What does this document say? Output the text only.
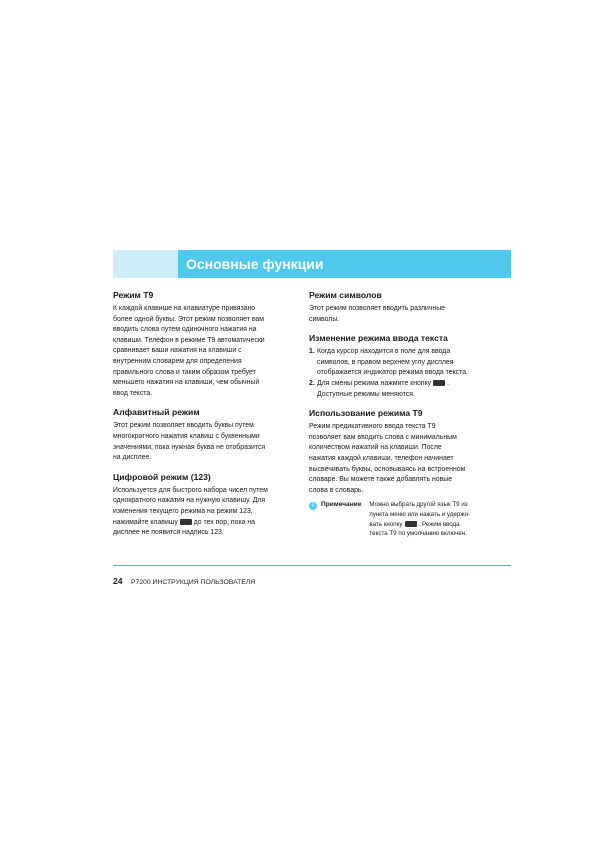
Основные функции

Режим T9

К каждой клавише на клавиатуре привязано
более одной буквы. Этот режим позволяет вам
вводить слова путем одиночного нажатия на
клавиши. Телефон в режиме T9 автоматически
сравнивает ваши нажатия на клавиши с
внутренним словарем для определения
правильного слова и таким образом требует
меньшего нажатия на клавиши, чем обычный
ввод текста.

Алфавитный режим

Этот режим позволяет вводить буквы путем
многократного нажатия клавиш с буквенными
значениями, пока нужная буква не отобразится
на дисплее.

Цифровой режим (123)

Используется для быстрого набора чисел путем
однократного нажатия на нужную клавишу. Для
изменения текущего режима на режим 123,
нажимайте клавишу до тех пор, пока на
дисплее не появится надпись 123.

Режим символов

Этот режим позволяет вводить различные
символы.

Изменение режима ввода текста

1. Когда курсор находится в поле для ввода
символов, в правом верхнем углу дисплея
отображается индикатор режима ввода текста.
2. Для смены режима нажмите кнопку .
Доступные режимы меняются.

Использование режима T9

Режим предикативного ввода текста T9
позволяет вам вводить слова с минимальным
количеством нажатий на клавиши. После
нажатия каждой клавиши, телефон начинает
высвечивать буквы, основываясь на встроенном
словаре. Вы можете также добавлять новые
слова в словарь.

i	Примечание Можно выбрать другой язык T9 из
пункта меню или нажать и удержи-
вать кнопку	. Режим ввода
текста T9 по умолчанию включен.
24 P7200 ИНСТРУКЦИЯ ПОЛЬЗОВАТЕЛЯ
